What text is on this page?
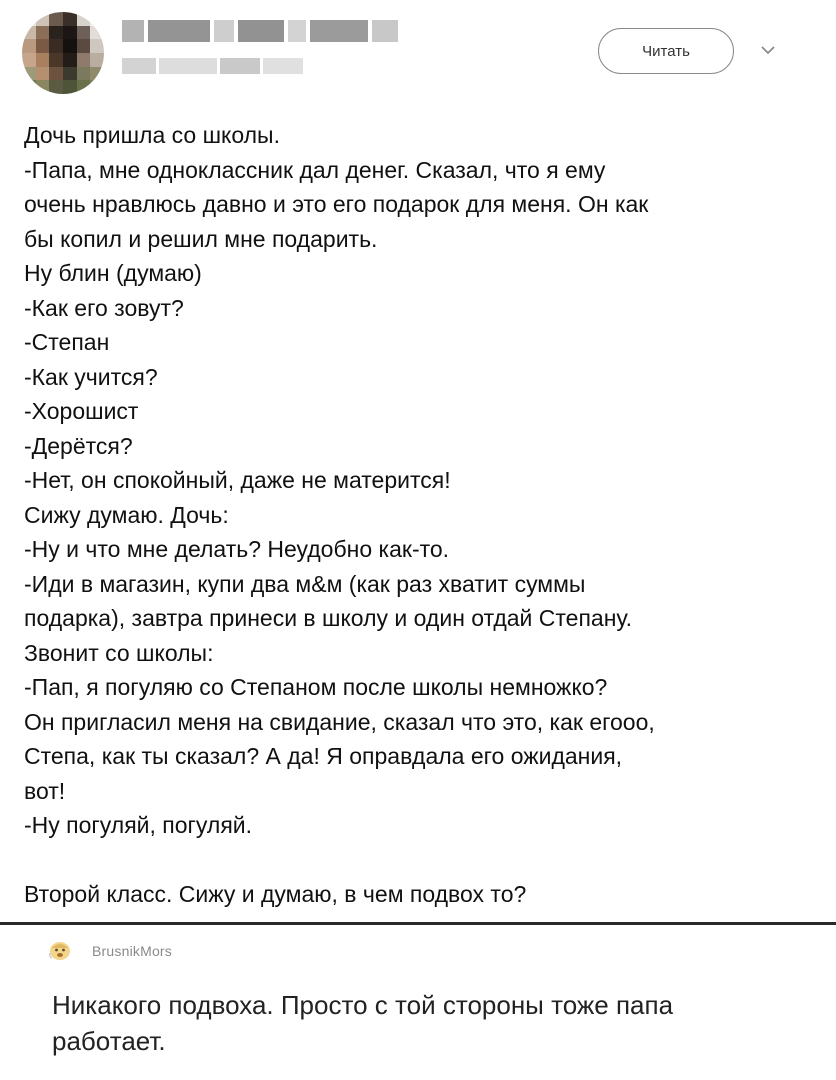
Читать
Дочь пришла со школы.
-Папа, мне одноклассник дал денег. Сказал, что я ему
очень нравлюсь давно и это его подарок для меня. Он как
бы копил и решил мне подарить.
Ну блин (думаю)
-Как его зовут?
-Степан
-Как учится?
-Хорошист
-Дерётся?
-Нет, он спокойный, даже не матерится!
Сижу думаю. Дочь:
-Ну и что мне делать? Неудобно как-то.
-Иди в магазин, купи два м&м (как раз хватит суммы
подарка), завтра принеси в школу и один отдай Степану.
Звонит со школы:
-Пап, я погуляю со Степаном после школы немножко?
Он пригласил меня на свидание, сказал что это, как егооо,
Степа, как ты сказал? А да! Я оправдала его ожидания,
вот!
-Ну погуляй, погуляй.

Второй класс. Сижу и думаю, в чем подвох то?
BrusnikMors
Никакого подвоха. Просто с той стороны тоже папа
работает.
